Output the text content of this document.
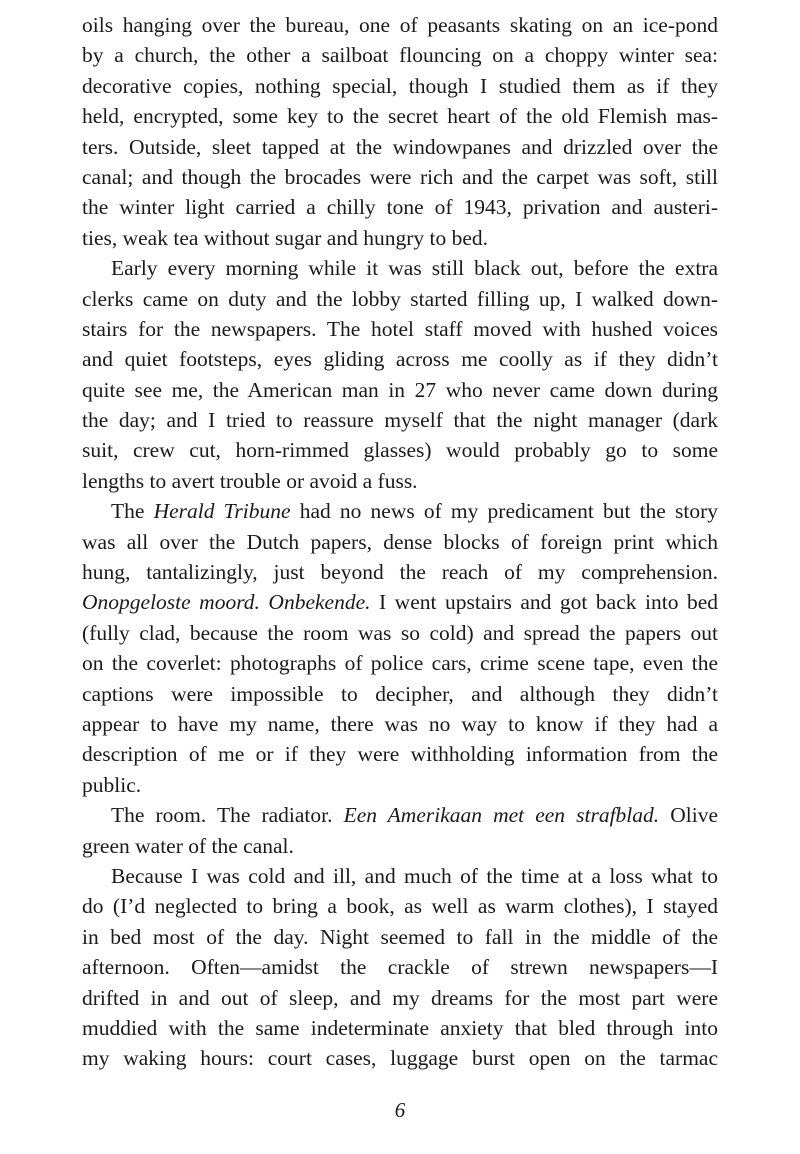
oils hanging over the bureau, one of peasants skating on an ice-pond
by a church, the other a sailboat flouncing on a choppy winter sea:
decorative copies, nothing special, though I studied them as if they
held, encrypted, some key to the secret heart of the old Flemish mas-
ters. Outside, sleet tapped at the windowpanes and drizzled over the
canal; and though the brocades were rich and the carpet was soft, still
the winter light carried a chilly tone of 1943, privation and austeri-
ties, weak tea without sugar and hungry to bed.
Early every morning while it was still black out, before the extra
clerks came on duty and the lobby started filling up, I walked down-
stairs for the newspapers. The hotel staff moved with hushed voices
and quiet footsteps, eyes gliding across me coolly as if they didn’t
quite see me, the American man in 27 who never came down during
the day; and I tried to reassure myself that the night manager (dark
suit, crew cut, horn-rimmed glasses) would probably go to some
lengths to avert trouble or avoid a fuss.
The Herald Tribune had no news of my predicament but the story
was all over the Dutch papers, dense blocks of foreign print which
hung, tantalizingly, just beyond the reach of my comprehension.
Onopgeloste moord. Onbekende. I went upstairs and got back into bed
(fully clad, because the room was so cold) and spread the papers out
on the coverlet: photographs of police cars, crime scene tape, even the
captions were impossible to decipher, and although they didn’t
appear to have my name, there was no way to know if they had a
description of me or if they were withholding information from the
public.
The room. The radiator. Een Amerikaan met een strafblad. Olive
green water of the canal.
Because I was cold and ill, and much of the time at a loss what to
do (I’d neglected to bring a book, as well as warm clothes), I stayed
in bed most of the day. Night seemed to fall in the middle of the
afternoon. Often—amidst the crackle of strewn newspapers—I
drifted in and out of sleep, and my dreams for the most part were
muddied with the same indeterminate anxiety that bled through into
my waking hours: court cases, luggage burst open on the tarmac
6
